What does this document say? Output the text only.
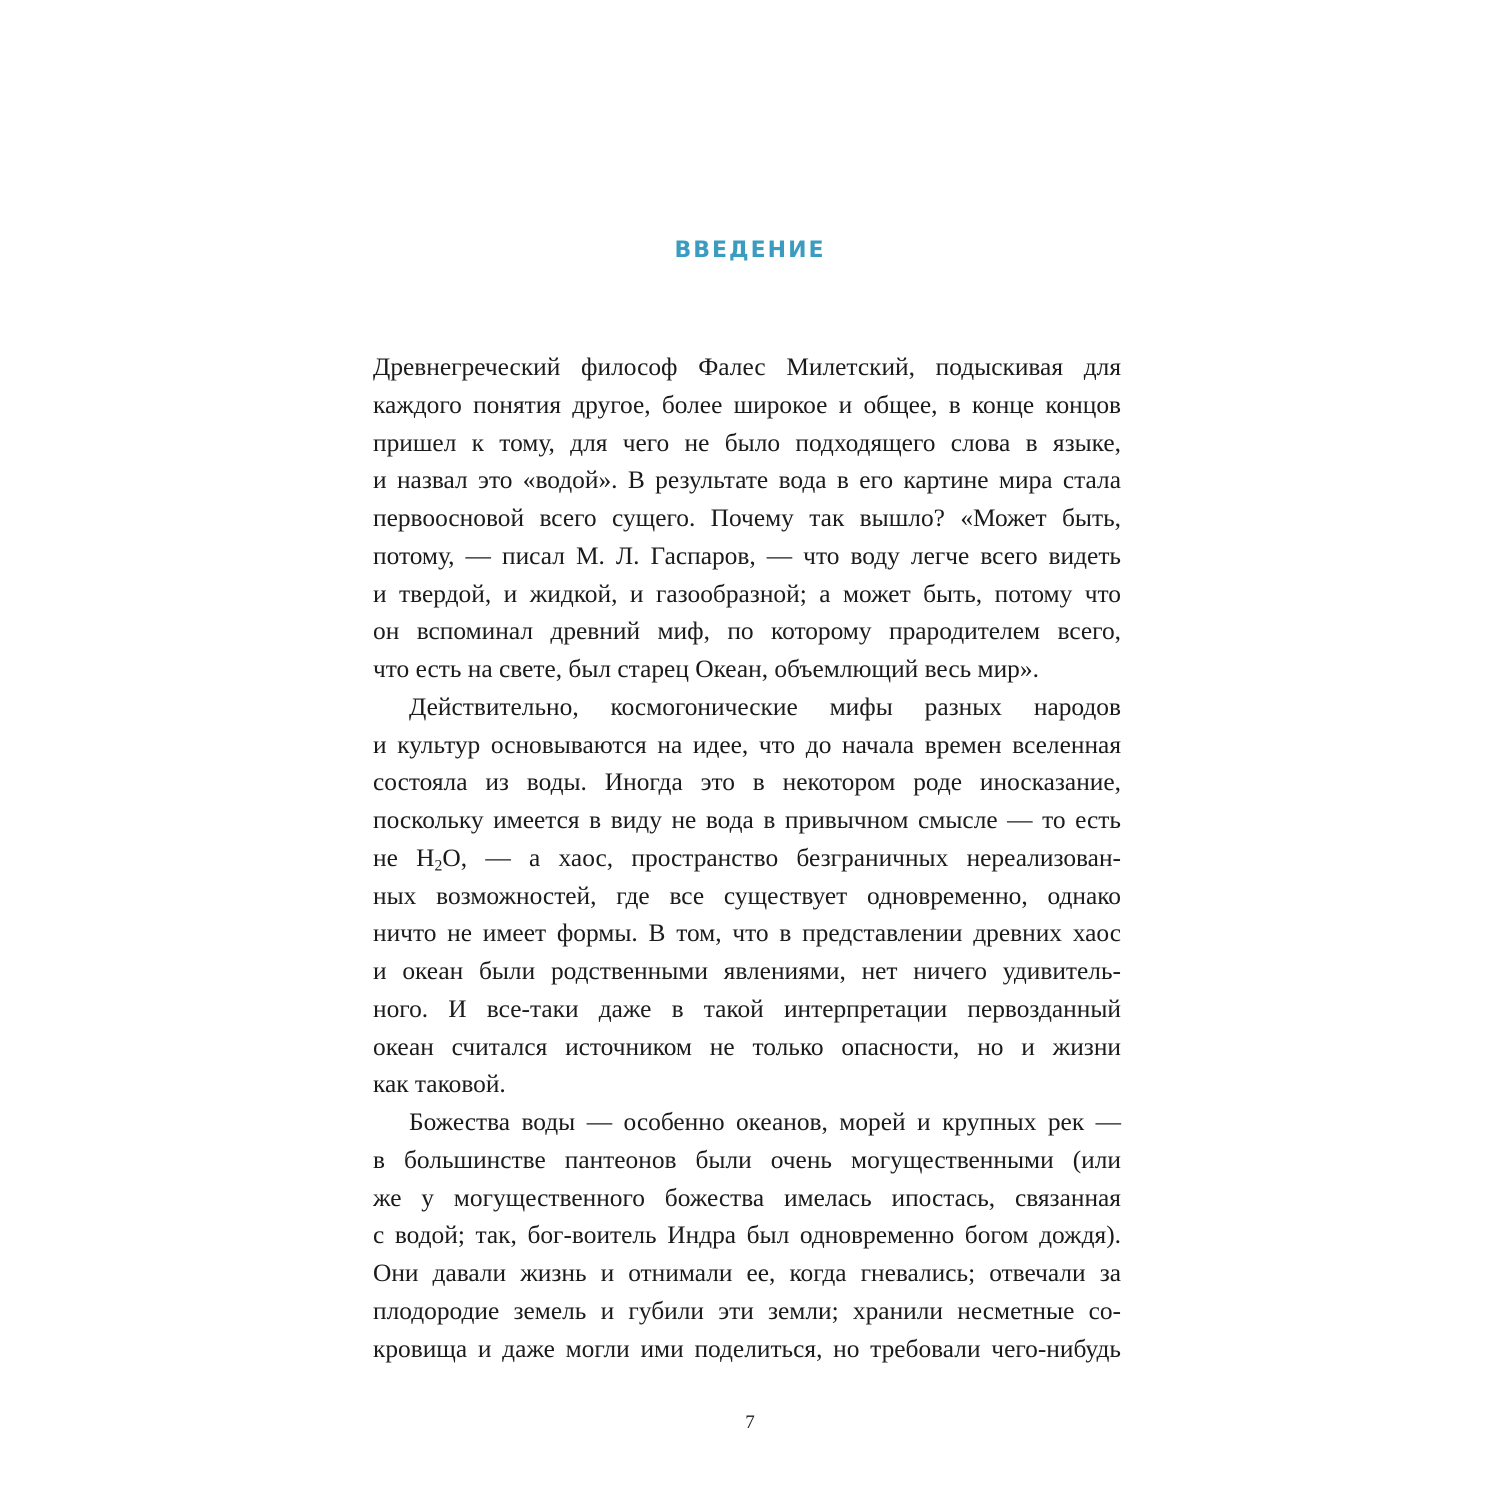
ВВЕДЕНИЕ
Древнегреческий философ Фалес Милетский, подыскивая для
каждого понятия другое, более широкое и общее, в конце концов
пришел к тому, для чего не было подходящего слова в языке,
и назвал это «водой». В результате вода в его картине мира стала
первоосновой всего сущего. Почему так вышло? «Может быть,
потому, — писал М. Л. Гаспаров, — что воду легче всего видеть
и твердой, и жидкой, и газообразной; а может быть, потому что
он вспоминал древний миф, по которому прародителем всего,
что есть на свете, был старец Океан, объемлющий весь мир».
Действительно, космогонические мифы разных народов
и культур основываются на идее, что до начала времен вселенная
состояла из воды. Иногда это в некотором роде иносказание,
поскольку имеется в виду не вода в привычном смысле — то есть
не $Н_2О$, — а хаос, пространство безграничных нереализован-
ных возможностей, где все существует одновременно, однако
ничто не имеет формы. В том, что в представлении древних хаос
и океан были родственными явлениями, нет ничего удивитель-
ного. И все-таки даже в такой интерпретации первозданный
океан считался источником не только опасности, но и жизни
как таковой.
Божества воды — особенно океанов, морей и крупных рек —
в большинстве пантеонов были очень могущественными (или
же у могущественного божества имелась ипостась, связанная
с водой; так, бог-воитель Индра был одновременно богом дождя).
Они давали жизнь и отнимали ее, когда гневались; отвечали за
плодородие земель и губили эти земли; хранили несметные со-
кровища и даже могли ими поделиться, но требовали чего-нибудь
7
